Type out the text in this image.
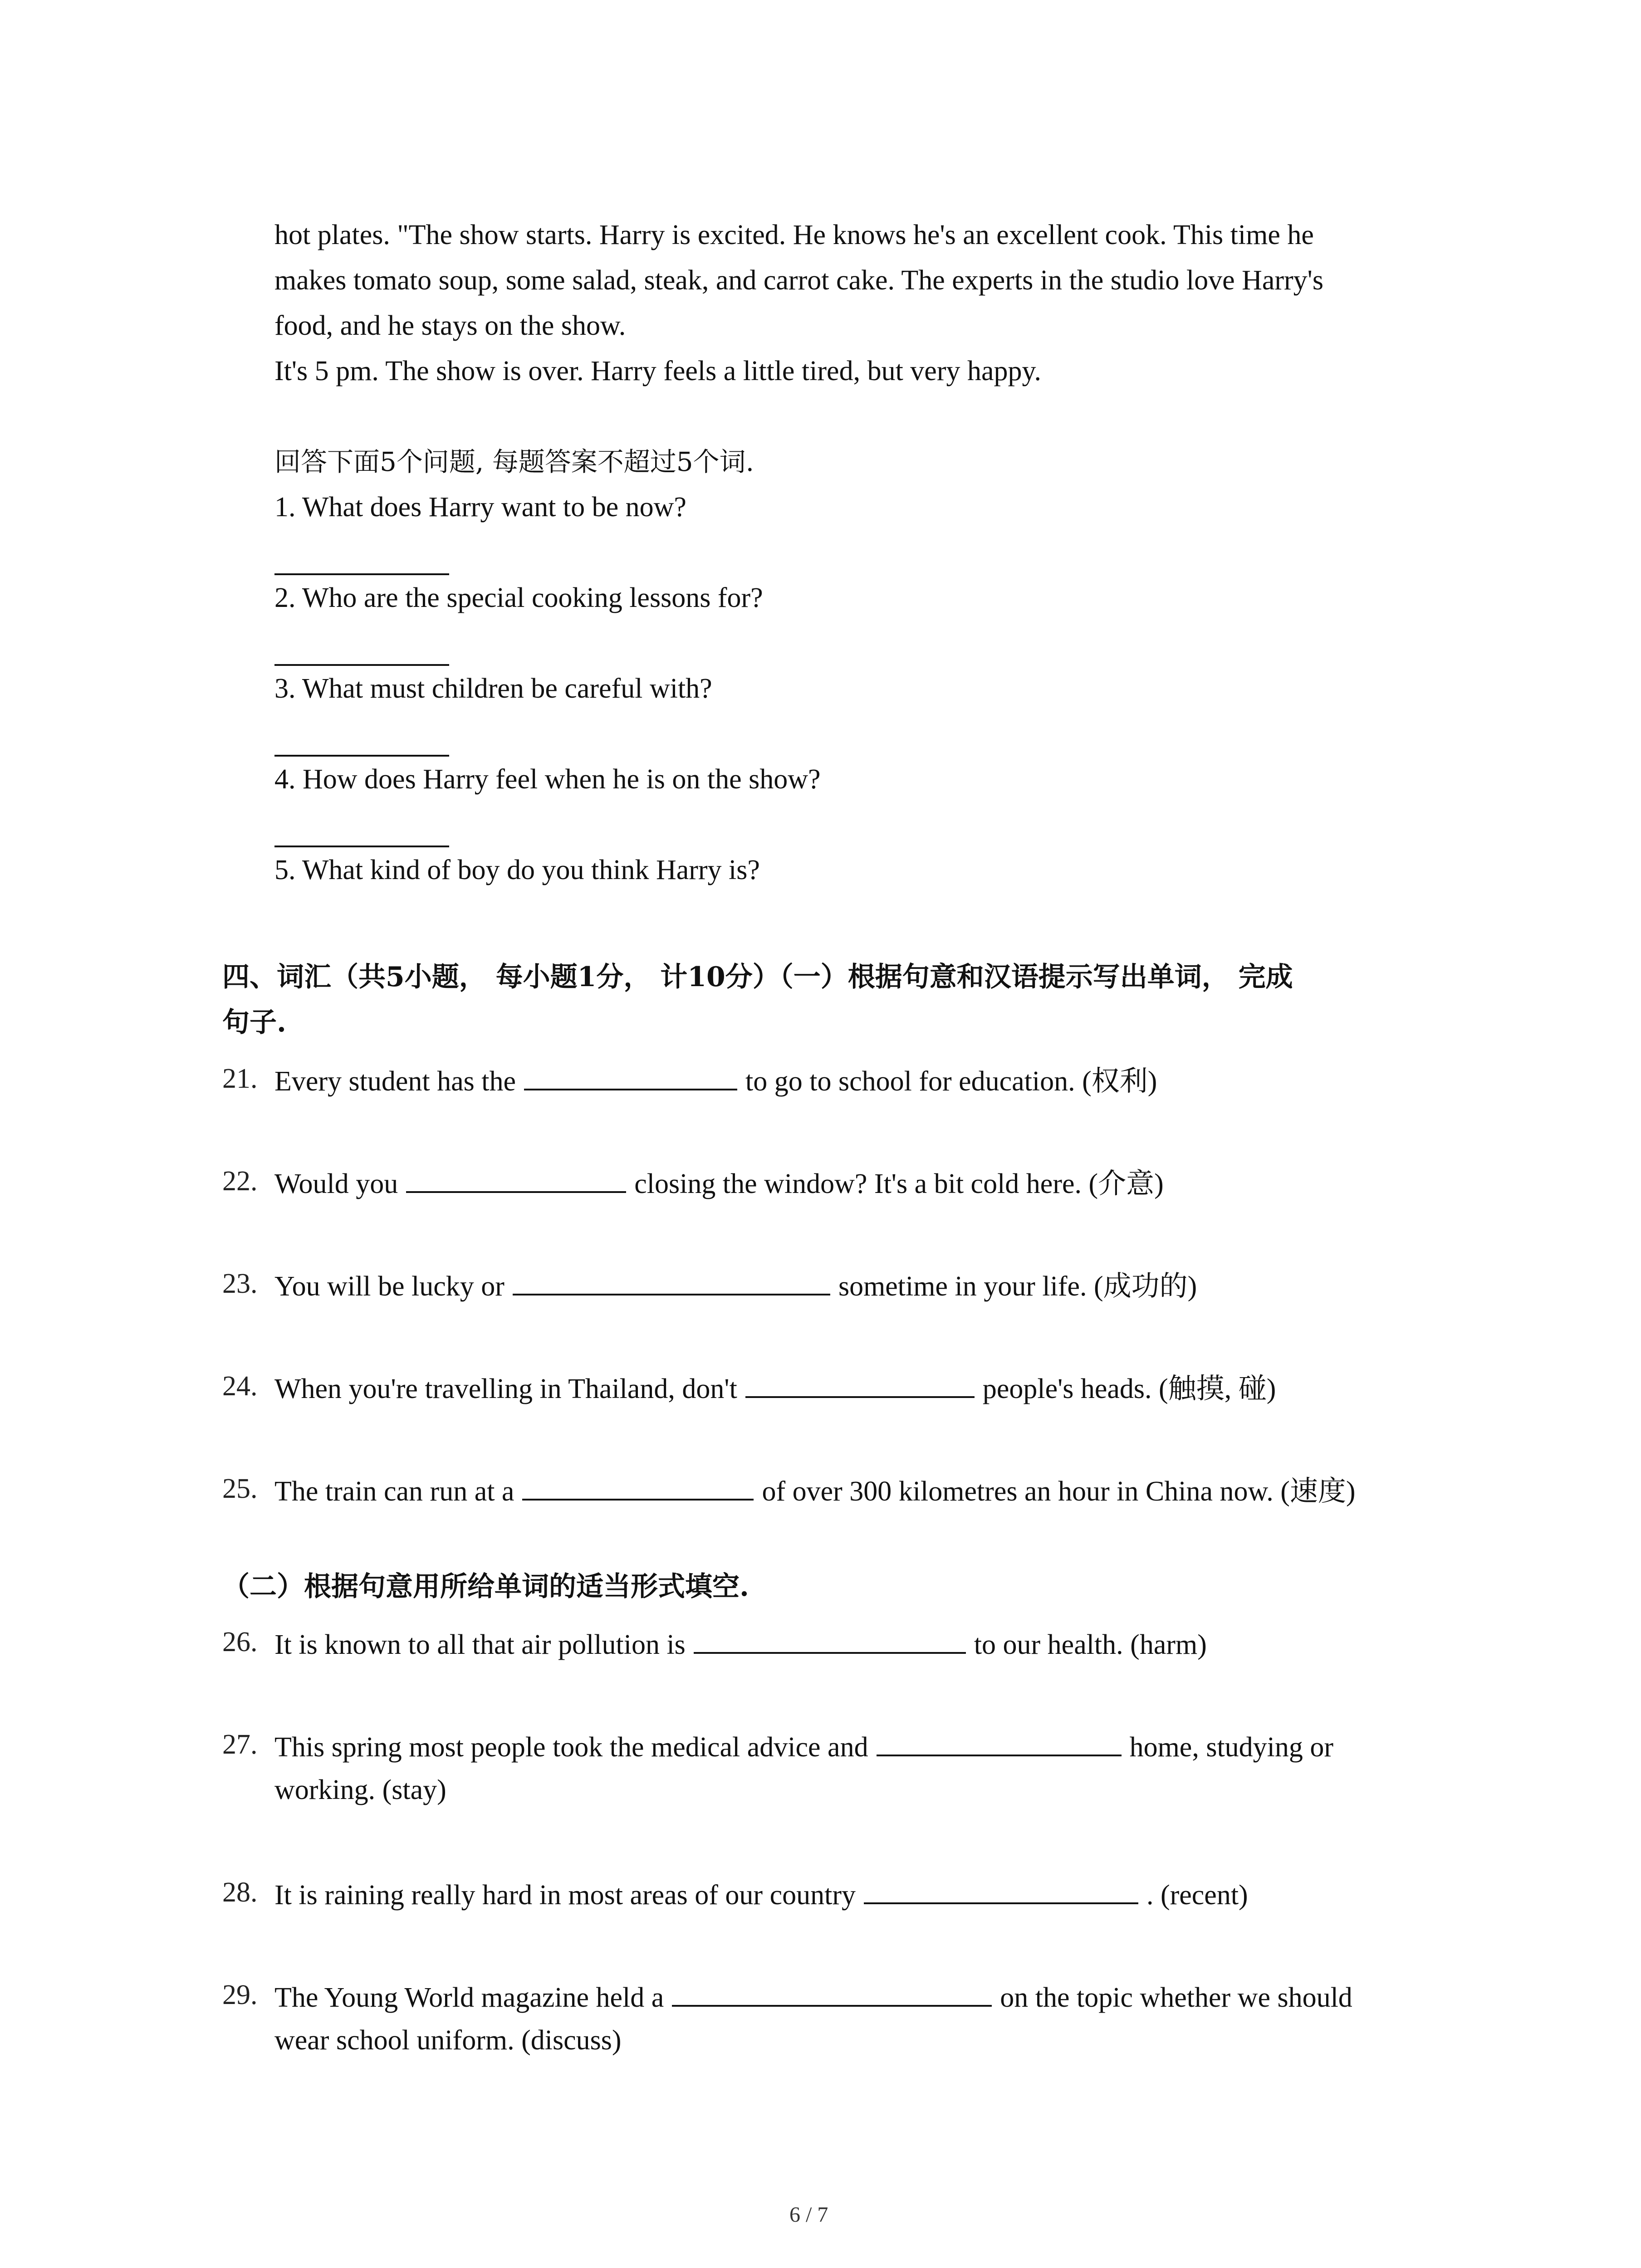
hot plates. "The show starts. Harry is excited. He knows he's an excellent cook. This time he
makes tomato soup, some salad, steak, and carrot cake. The experts in the studio love Harry's
food, and he stays on the show.
It's 5 pm. The show is over. Harry feels a little tired, but very happy.
回答下面5个问题, 每题答案不超过5个词.
1. What does Harry want to be now?
2. Who are the special cooking lessons for?
3. What must children be careful with?
4. How does Harry feel when he is on the show?
5. What kind of boy do you think Harry is?
四、词汇（共5小题， 每小题1分， 计10分）（一）根据句意和汉语提示写出单词， 完成
句子.
21. Every student has the	to go to school for education. (权利)
22. Would you	closing the window? It's a bit cold here. (介意)
23. You will be lucky or	sometime in your life. (成功的)
24. When you're travelling in Thailand, don't	people's heads. (触摸, 碰)
25. The train can run at a	of over 300 kilometres an hour in China now. (速度)
（二）根据句意用所给单词的适当形式填空.
26. It is known to all that air pollution is	to our health. (harm)
27. This spring most people took the medical advice and	home, studying or
working. (stay)
28. It is raining really hard in most areas of our country	. (recent)
29. The Young World magazine held a	on the topic whether we should
wear school uniform. (discuss)
6 / 7
